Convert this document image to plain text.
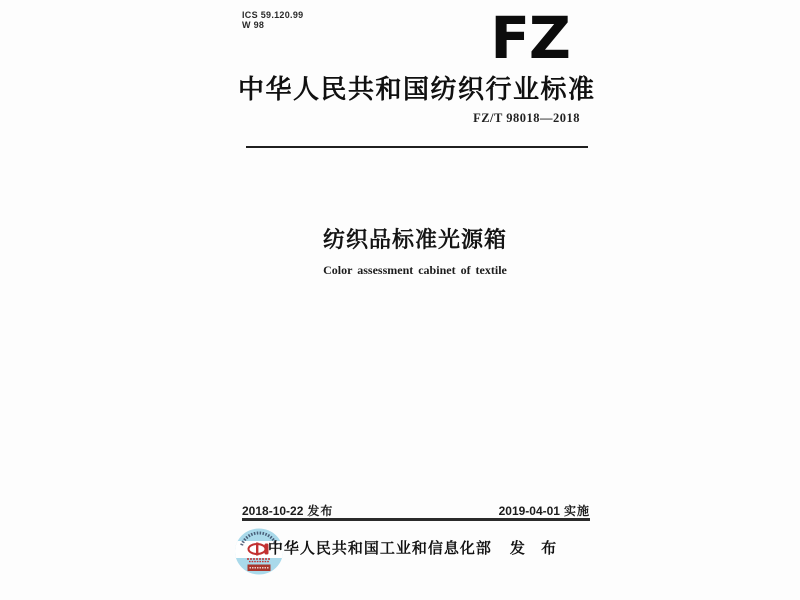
ICS 59.120.99
W 98	FZ
中华人民共和国纺织行业标准
FZ/T 98018—2018
纺织品标准光源箱
Color assessment cabinet of textile
2018-10-22 发布	2019-04-01 实施
中华人民共和国工业和信息化部 发 布
